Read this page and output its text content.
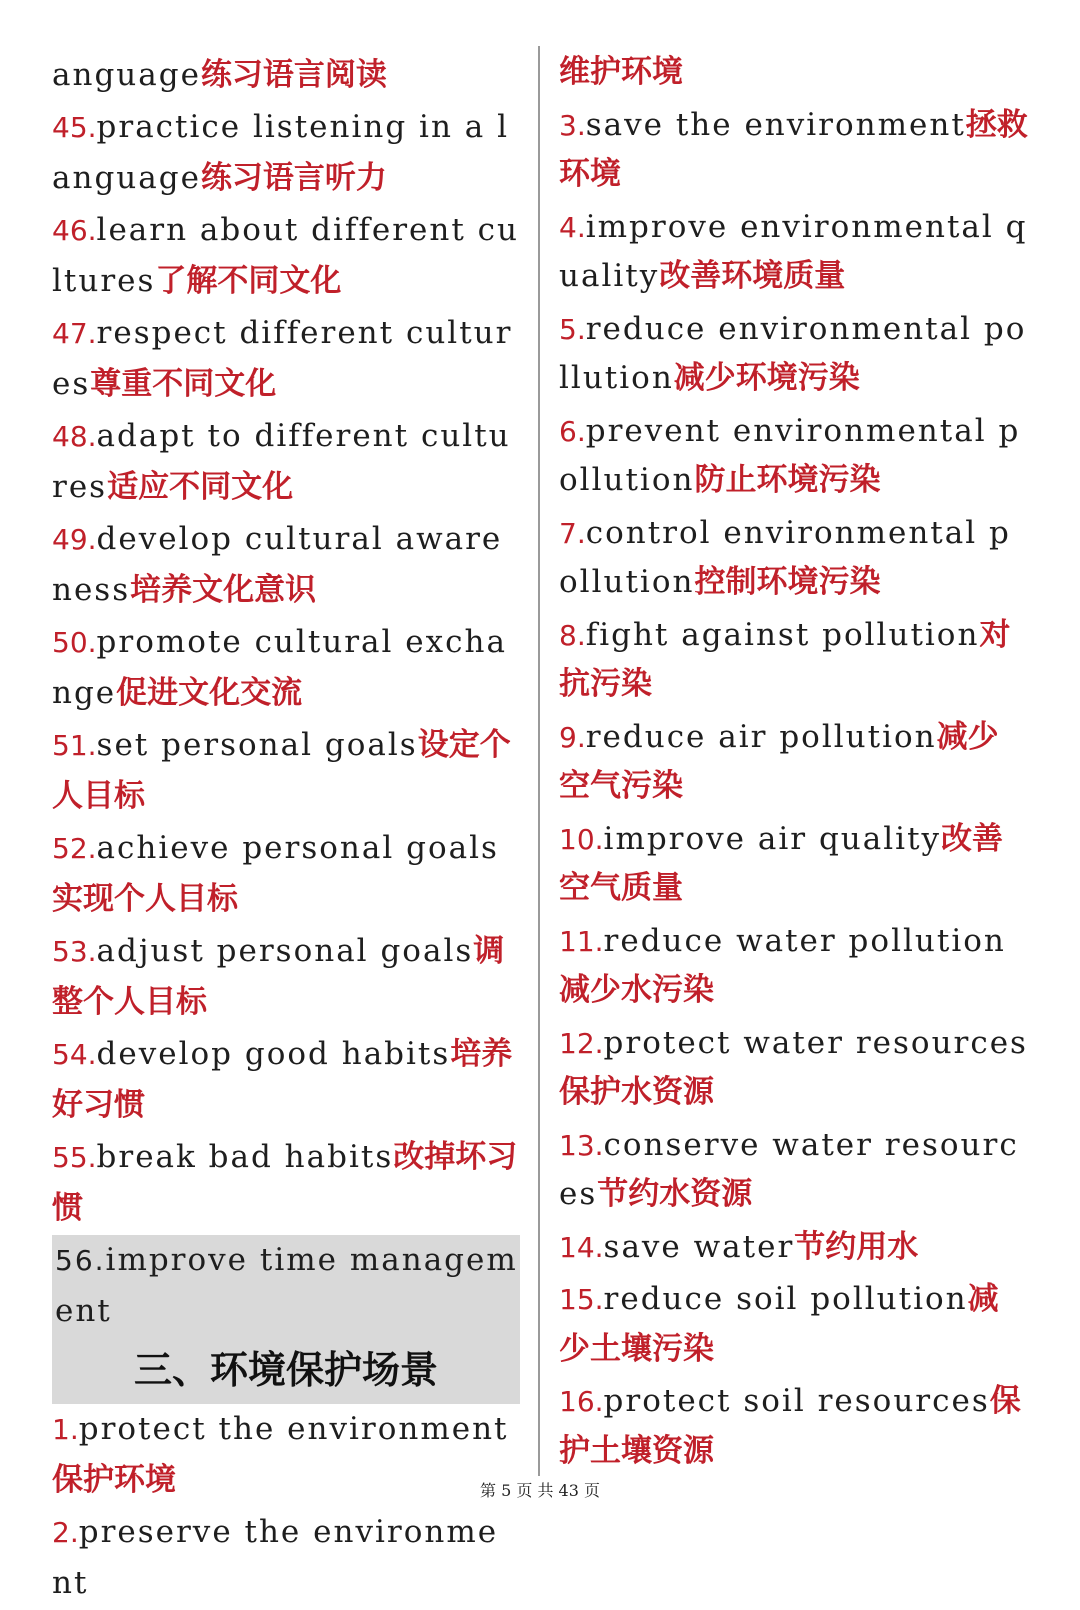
anguage练习语言阅读
45.practice listening in a language练习语言听力
46.learn about different cultures了解不同文化
47.respect different cultures尊重不同文化
48.adapt to different cultures适应不同文化
49.develop cultural awareness培养文化意识
50.promote cultural exchange促进文化交流
51.set personal goals设定个人目标
52.achieve personal goals实现个人目标
53.adjust personal goals调整个人目标
54.develop good habits培养好习惯
55.break bad habits改掉坏习惯
56.improve time management
三、环境保护场景
1.protect the environment保护环境
2.preserve the environment
维护环境
3.save the environment拯救环境
4.improve environmental quality改善环境质量
5.reduce environmental pollution减少环境污染
6.prevent environmental pollution防止环境污染
7.control environmental pollution控制环境污染
8.fight against pollution对抗污染
9.reduce air pollution减少空气污染
10.improve air quality改善空气质量
11.reduce water pollution减少水污染
12.protect water resources保护水资源
13.conserve water resources节约水资源
14.save water节约用水
15.reduce soil pollution减少土壤污染
16.protect soil resources保护土壤资源
第 5 页 共 43 页
